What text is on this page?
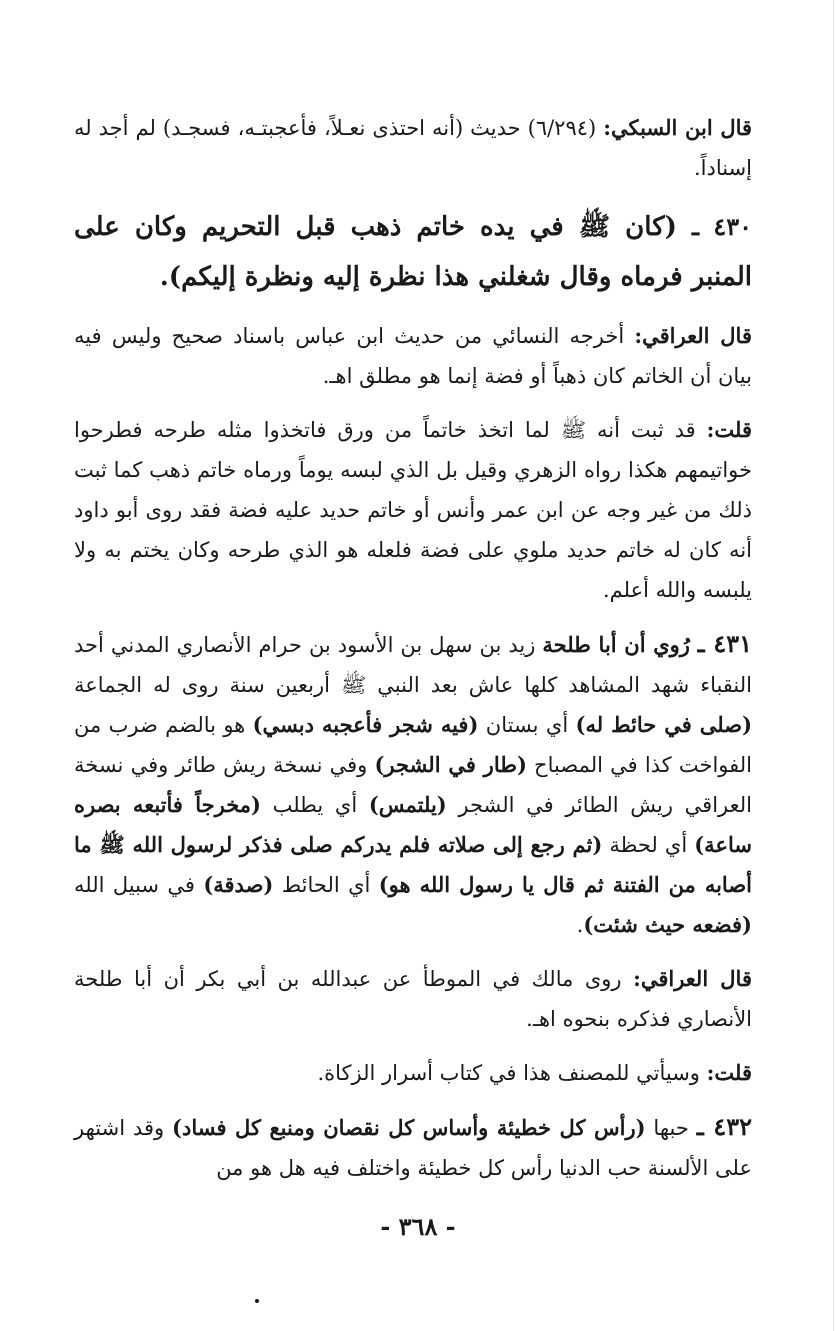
قال ابن السبكي: (٦/٢٩٤) حديث (أنه احتذى نعـلاً، فأعجبتـه، فسجـد) لم أجد له إسناداً.

٤٣٠ ـ (كان ﷺ في يده خاتم ذهب قبل التحريم وكان على المنبر فرماه وقال شغلني هذا نظرة إليه ونظرة إليكم).

قال العراقي: أخرجه النسائي من حديث ابن عباس باسناد صحيح وليس فيه بيان أن الخاتم كان ذهباً أو فضة إنما هو مطلق اهـ.

قلت: قد ثبت أنه ﷺ لما اتخذ خاتماً من ورق فاتخذوا مثله طرحه فطرحوا خواتيمهم هكذا رواه الزهري وقيل بل الذي لبسه يوماً ورماه خاتم ذهب كما ثبت ذلك من غير وجه عن ابن عمر وأنس أو خاتم حديد عليه فضة فقد روى أبو داود أنه كان له خاتم حديد ملوي على فضة فلعله هو الذي طرحه وكان يختم به ولا يلبسه والله أعلم.

٤٣١ ـ رُوي أن أبا طلحة زيد بن سهل بن الأسود بن حرام الأنصاري المدني أحد النقباء شهد المشاهد كلها عاش بعد النبي ﷺ أربعين سنة روى له الجماعة (صلى في حائط له) أي بستان (فيه شجر فأعجبه دبسي) هو بالضم ضرب من الفواخت كذا في المصباح (طار في الشجر) وفي نسخة ريش طائر وفي نسخة العراقي ريش الطائر في الشجر (يلتمس) أي يطلب (مخرجاً فأتبعه بصره ساعة) أي لحظة (ثم رجع إلى صلاته فلم يدركم صلى فذكر لرسول الله ﷺ ما أصابه من الفتنة ثم قال يا رسول الله هو) أي الحائط (صدقة) في سبيل الله (فضعه حيث شئت).

قال العراقي: روى مالك في الموطأ عن عبدالله بن أبي بكر أن أبا طلحة الأنصاري فذكره بنحوه اهـ.

قلت: وسيأتي للمصنف هذا في كتاب أسرار الزكاة.

٤٣٢ ـ حبها (رأس كل خطيئة وأساس كل نقصان ومنبع كل فساد) وقد اشتهر على الألسنة حب الدنيا رأس كل خطيئة واختلف فيه هل هو من

- ٣٦٨ -
